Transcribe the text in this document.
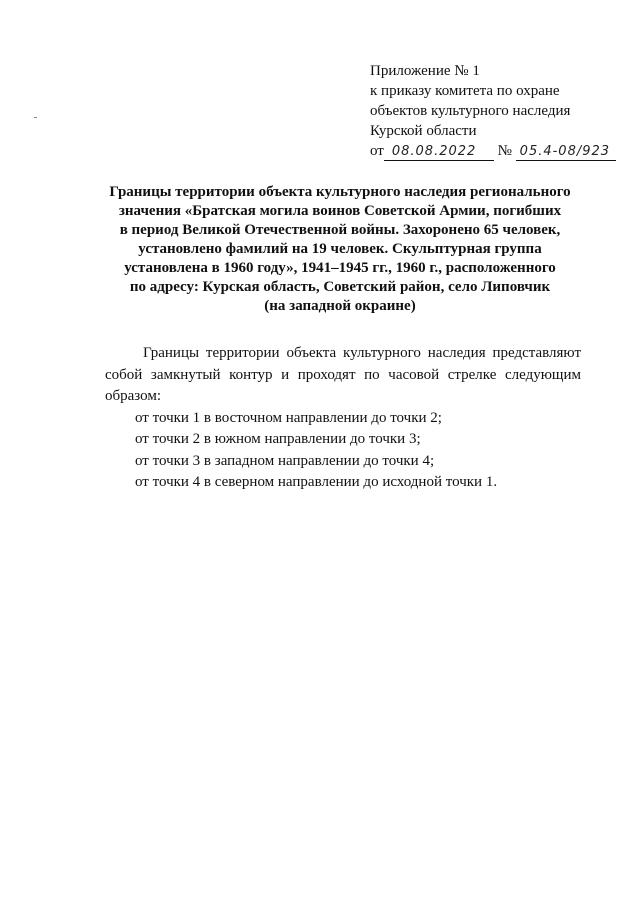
Приложение № 1
к приказу комитета по охране
объектов культурного наследия
Курской области
от 08.08.2022 № 05.4-08/923
Границы территории объекта культурного наследия регионального
значения «Братская могила воинов Советской Армии, погибших
в период Великой Отечественной войны. Захоронено 65 человек,
установлено фамилий на 19 человек. Скульптурная группа
установлена в 1960 году», 1941–1945 гг., 1960 г., расположенного
по адресу: Курская область, Советский район, село Липовчик
(на западной окраине)

Границы территории объекта культурного наследия представляют собой замкнутый контур и проходят по часовой стрелке следующим образом:

от точки 1 в восточном направлении до точки 2;

от точки 2 в южном направлении до точки 3;

от точки 3 в западном направлении до точки 4;

от точки 4 в северном направлении до исходной точки 1.
